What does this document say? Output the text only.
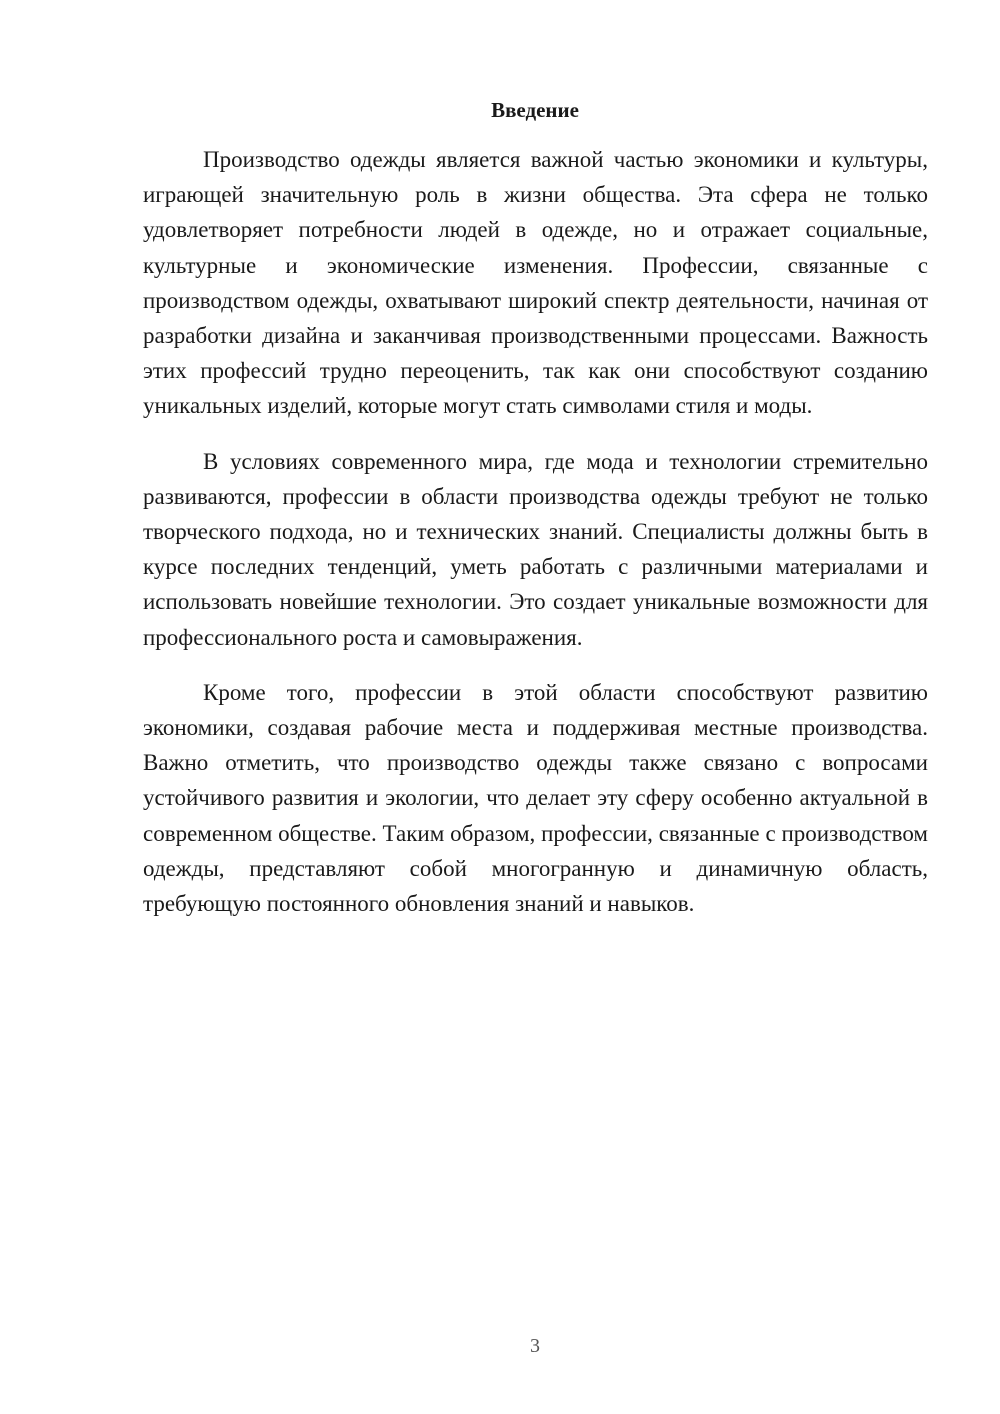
Введение

Производство одежды является важной частью экономики и культуры, играющей значительную роль в жизни общества. Эта сфера не только удовлетворяет потребности людей в одежде, но и отражает социальные, культурные и экономические изменения. Профессии, связанные с производством одежды, охватывают широкий спектр деятельности, начиная от разработки дизайна и заканчивая производственными процессами. Важность этих профессий трудно переоценить, так как они способствуют созданию уникальных изделий, которые могут стать символами стиля и моды.

В условиях современного мира, где мода и технологии стремительно развиваются, профессии в области производства одежды требуют не только творческого подхода, но и технических знаний. Специалисты должны быть в курсе последних тенденций, уметь работать с различными материалами и использовать новейшие технологии. Это создает уникальные возможности для профессионального роста и самовыражения.

Кроме того, профессии в этой области способствуют развитию экономики, создавая рабочие места и поддерживая местные производства. Важно отметить, что производство одежды также связано с вопросами устойчивого развития и экологии, что делает эту сферу особенно актуальной в современном обществе. Таким образом, профессии, связанные с производством одежды, представляют собой многогранную и динамичную область, требующую постоянного обновления знаний и навыков.

3
